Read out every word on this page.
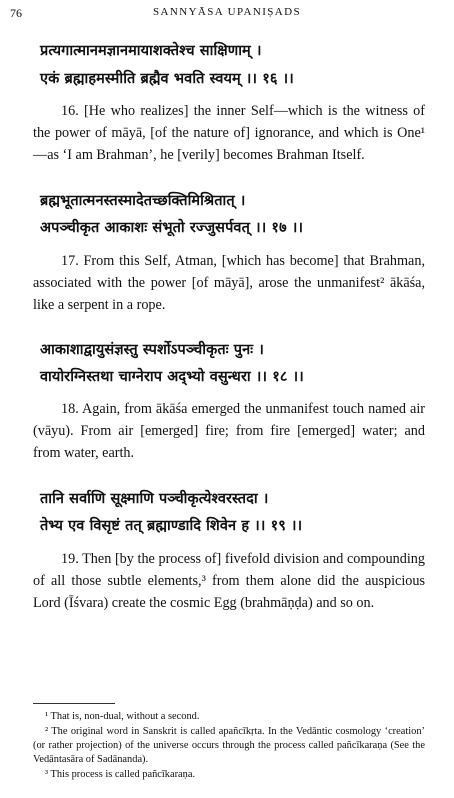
76	SANNYĀSA UPANIṢADS
प्रत्यगात्मानमज्ञानमायाशक्तेश्च साक्षिणाम् ।
एकं ब्रह्माहमस्मीति ब्रह्मैव भवति स्वयम् ।। १६ ।।

16. [He who realizes] the inner Self—which is the witness of the power of māyā, [of the nature of] ignorance, and which is One¹—as ‘I am Brahman’, he [verily] becomes Brahman Itself.

ब्रह्मभूतात्मनस्तस्मादेतच्छक्तिमिश्रितात् ।
अपञ्चीकृत आकाशः संभूतो रज्जुसर्पवत् ।। १७ ।।

17. From this Self, Atman, [which has become] that Brahman, associated with the power [of māyā], arose the unmanifest² ākāśa, like a serpent in a rope.

आकाशाद्वायुसंज्ञस्तु स्पर्शोऽपञ्चीकृतः पुनः ।
वायोरग्निस्तथा चाग्नेराप अद्भ्यो वसुन्धरा ।। १८ ।।

18. Again, from ākāśa emerged the unmanifest touch named air (vāyu). From air [emerged] fire; from fire [emerged] water; and from water, earth.

तानि सर्वाणि सूक्ष्माणि पञ्चीकृत्येश्वरस्तदा ।
तेभ्य एव विसृष्टं तत् ब्रह्माण्डादि शिवेन ह ।। १९ ।।

19. Then [by the process of] fivefold division and compounding of all those subtle elements,³ from them alone did the auspicious Lord (Īśvara) create the cosmic Egg (brahmāṇḍa) and so on.

¹ That is, non-dual, without a second.

² The original word in Sanskrit is called apañcīkṛta. In the Vedāntic cosmology ‘creation’ (or rather projection) of the universe occurs through the process called pañcīkaraṇa (See the Vedāntasāra of Sadānanda).

³ This process is called pañcīkaraṇa.
